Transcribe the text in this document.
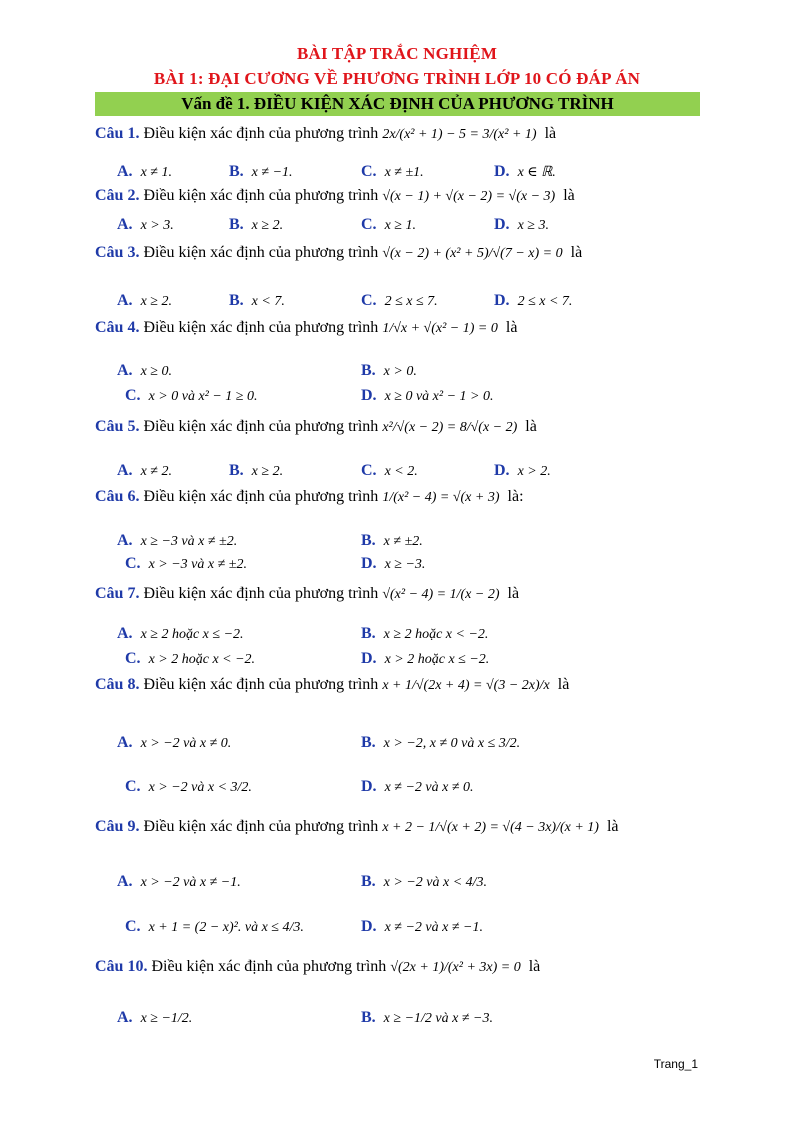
BÀI TẬP TRẮC NGHIỆM
BÀI 1: ĐẠI CƯƠNG VỀ PHƯƠNG TRÌNH LỚP 10 CÓ ĐÁP ÁN
Vấn đề 1. ĐIỀU KIỆN XÁC ĐỊNH CỦA PHƯƠNG TRÌNH
Câu 1. Điều kiện xác định của phương trình 2x/(x² + 1) − 5 = 3/(x² + 1) là
A. x ≠ 1.	B. x ≠ −1.	C. x ≠ ±1.	D. x ∈ ℝ.
Câu 2. Điều kiện xác định của phương trình √(x − 1) + √(x − 2) = √(x − 3) là
A. x > 3.	B. x ≥ 2.	C. x ≥ 1.	D. x ≥ 3.
Câu 3. Điều kiện xác định của phương trình √(x − 2) + (x² + 5)/√(7 − x) = 0 là
A. x ≥ 2.	B. x < 7.	C. 2 ≤ x ≤ 7.	D. 2 ≤ x < 7.
Câu 4. Điều kiện xác định của phương trình 1/√x + √(x² − 1) = 0 là
A. x ≥ 0.	B. x > 0.
C. x > 0 và x² − 1 ≥ 0.	D. x ≥ 0 và x² − 1 > 0.
Câu 5. Điều kiện xác định của phương trình x²/√(x − 2) = 8/√(x − 2) là
A. x ≠ 2.	B. x ≥ 2.	C. x < 2.	D. x > 2.
Câu 6. Điều kiện xác định của phương trình 1/(x² − 4) = √(x + 3) là:
A. x ≥ −3 và x ≠ ±2.	B. x ≠ ±2.
C. x > −3 và x ≠ ±2.	D. x ≥ −3.
Câu 7. Điều kiện xác định của phương trình √(x² − 4) = 1/(x − 2) là
A. x ≥ 2 hoặc x ≤ −2.	B. x ≥ 2 hoặc x < −2.
C. x > 2 hoặc x < −2.	D. x > 2 hoặc x ≤ −2.
Câu 8. Điều kiện xác định của phương trình x + 1/√(2x + 4) = √(3 − 2x)/x là
A. x > −2 và x ≠ 0.	B. x > −2, x ≠ 0 và x ≤ 3/2.
C. x > −2 và x < 3/2.	D. x ≠ −2 và x ≠ 0.
Câu 9. Điều kiện xác định của phương trình x + 2 − 1/√(x + 2) = √(4 − 3x)/(x + 1) là
A. x > −2 và x ≠ −1.	B. x > −2 và x < 4/3.
C. x + 1 = (2 − x)². và x ≤ 4/3.	D. x ≠ −2 và x ≠ −1.
Câu 10. Điều kiện xác định của phương trình √(2x + 1)/(x² + 3x) = 0 là
A. x ≥ −1/2.	B. x ≥ −1/2 và x ≠ −3.
Trang_1
